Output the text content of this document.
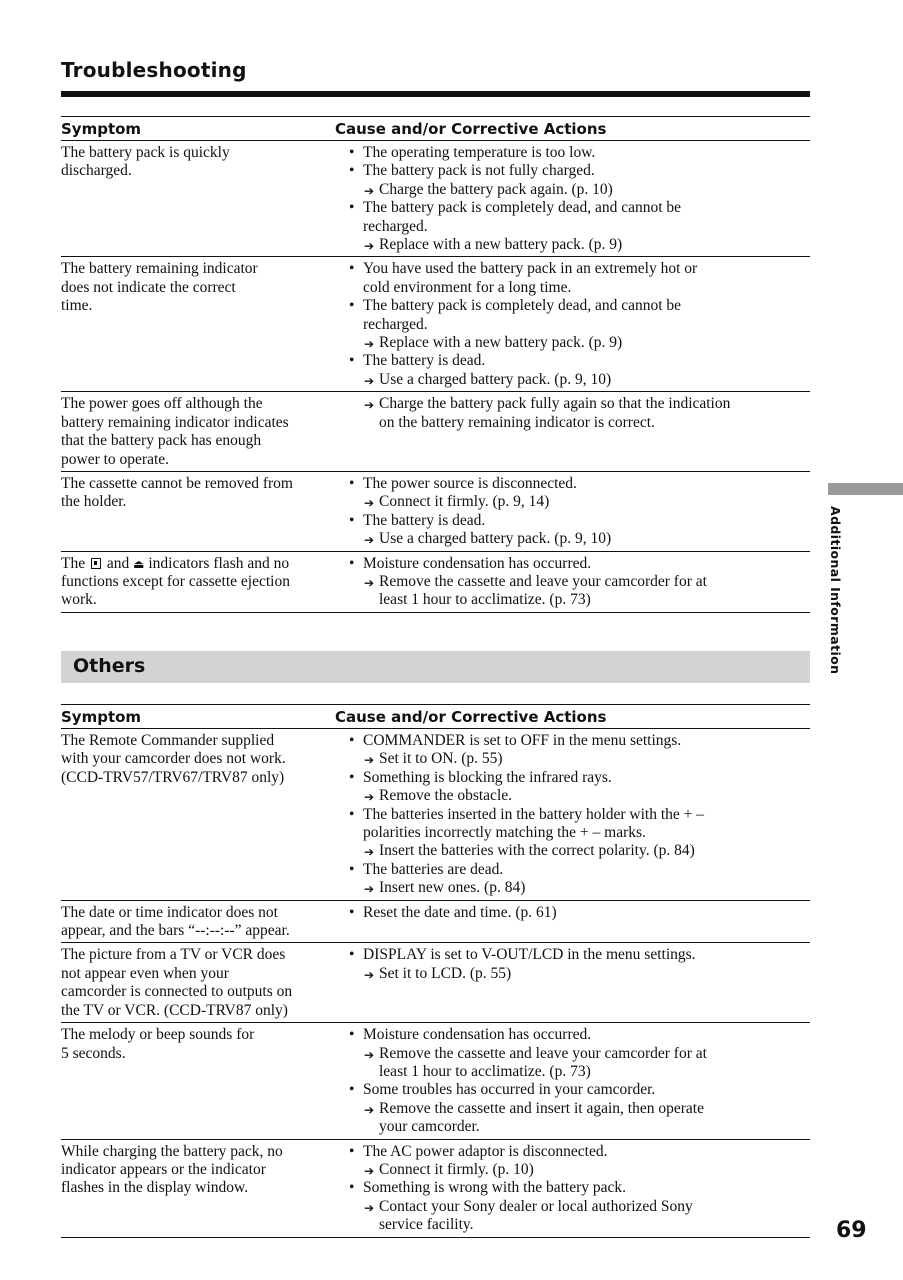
Troubleshooting
Symptom	Cause and/or Corrective Actions
The battery pack is quickly
discharged.
• The operating temperature is too low.
• The battery pack is not fully charged.
➔ Charge the battery pack again. (p. 10)
• The battery pack is completely dead, and cannot be
recharged.
➔ Replace with a new battery pack. (p. 9)
The battery remaining indicator
does not indicate the correct
time.
• You have used the battery pack in an extremely hot or
cold environment for a long time.
• The battery pack is completely dead, and cannot be
recharged.
➔ Replace with a new battery pack. (p. 9)
• The battery is dead.
➔ Use a charged battery pack. (p. 9, 10)
The power goes off although the
battery remaining indicator indicates
that the battery pack has enough
power to operate.
➔ Charge the battery pack fully again so that the indication
on the battery remaining indicator is correct.
The cassette cannot be removed from
the holder.
• The power source is disconnected.
➔ Connect it firmly. (p. 9, 14)
• The battery is dead.
➔ Use a charged battery pack. (p. 9, 10)
The and ⏏ indicators flash and no
functions except for cassette ejection
work.
• Moisture condensation has occurred.
➔ Remove the cassette and leave your camcorder for at
least 1 hour to acclimatize. (p. 73)
Others
Symptom	Cause and/or Corrective Actions
The Remote Commander supplied
with your camcorder does not work.
(CCD-TRV57/TRV67/TRV87 only)
• COMMANDER is set to OFF in the menu settings.
➔ Set it to ON. (p. 55)
• Something is blocking the infrared rays.
➔ Remove the obstacle.
• The batteries inserted in the battery holder with the + –
polarities incorrectly matching the + – marks.
➔ Insert the batteries with the correct polarity. (p. 84)
• The batteries are dead.
➔ Insert new ones. (p. 84)
The date or time indicator does not
appear, and the bars “--:--:--” appear.
• Reset the date and time. (p. 61)
The picture from a TV or VCR does
not appear even when your
camcorder is connected to outputs on
the TV or VCR. (CCD-TRV87 only)
• DISPLAY is set to V-OUT/LCD in the menu settings.
➔ Set it to LCD. (p. 55)
The melody or beep sounds for
5 seconds.
• Moisture condensation has occurred.
➔ Remove the cassette and leave your camcorder for at
least 1 hour to acclimatize. (p. 73)
• Some troubles has occurred in your camcorder.
➔ Remove the cassette and insert it again, then operate
your camcorder.
While charging the battery pack, no
indicator appears or the indicator
flashes in the display window.
• The AC power adaptor is disconnected.
➔ Connect it firmly. (p. 10)
• Something is wrong with the battery pack.
➔ Contact your Sony dealer or local authorized Sony
service facility.
Additional Information
69
